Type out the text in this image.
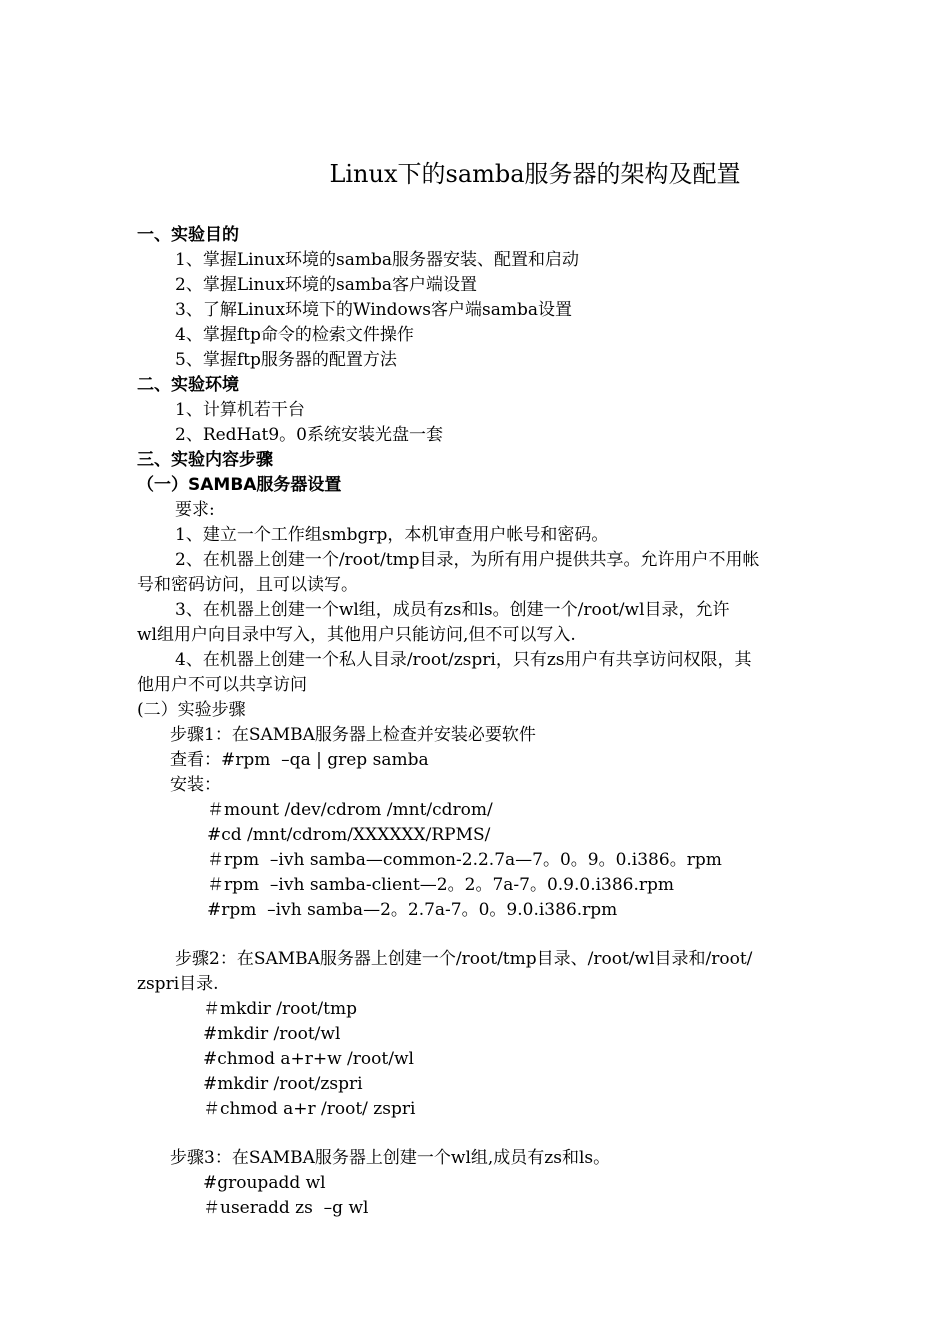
Linux下的samba服务器的架构及配置
一、实验目的
1、掌握Linux环境的samba服务器安装、配置和启动
2、掌握Linux环境的samba客户端设置
3、了解Linux环境下的Windows客户端samba设置
4、掌握ftp命令的检索文件操作
5、掌握ftp服务器的配置方法
二、实验环境
1、计算机若干台
2、RedHat9。0系统安装光盘一套
三、实验内容步骤
（一）SAMBA服务器设置
要求:
1、建立一个工作组smbgrp，本机审查用户帐号和密码。
2、在机器上创建一个/root/tmp目录，为所有用户提供共享。允许用户不用帐
号和密码访问，且可以读写。
3、在机器上创建一个wl组，成员有zs和ls。创建一个/root/wl目录，允许
wl组用户向目录中写入，其他用户只能访问,但不可以写入.
4、在机器上创建一个私人目录/root/zspri，只有zs用户有共享访问权限，其
他用户不可以共享访问
(二）实验步骤
步骤1：在SAMBA服务器上检查并安装必要软件
查看：#rpm  –qa | grep samba
安装：
＃mount /dev/cdrom /mnt/cdrom/
#cd /mnt/cdrom/XXXXXX/RPMS/
＃rpm  –ivh samba—common-2.2.7a—7。0。9。0.i386。rpm
＃rpm  –ivh samba-client—2。2。7a-7。0.9.0.i386.rpm
#rpm  –ivh samba—2。2.7a-7。0。9.0.i386.rpm
步骤2：在SAMBA服务器上创建一个/root/tmp目录、/root/wl目录和/root/
zspri目录.
＃mkdir /root/tmp
#mkdir /root/wl
#chmod a+r+w /root/wl
#mkdir /root/zspri
＃chmod a+r /root/ zspri
步骤3：在SAMBA服务器上创建一个wl组,成员有zs和ls。
#groupadd wl
＃useradd zs  –g wl
